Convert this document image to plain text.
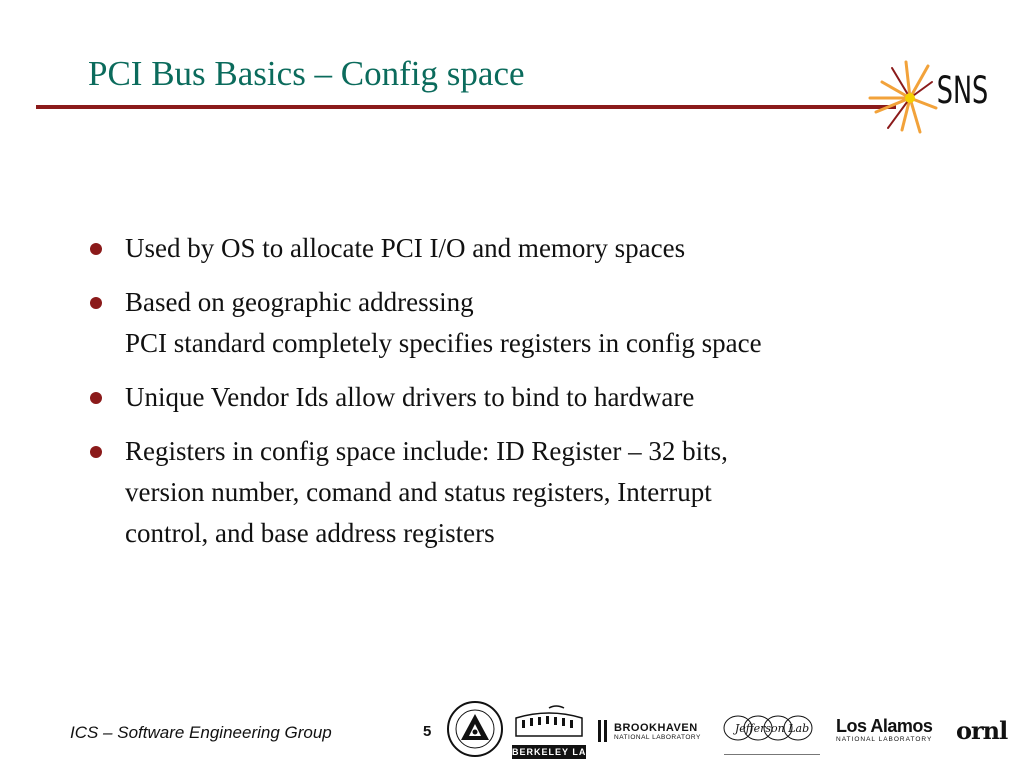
PCI Bus Basics – Config space	SNS
Used by OS to allocate PCI I/O and memory spaces
Based on geographic addressing
PCI standard completely specifies registers in config space
Unique Vendor Ids allow drivers to bind to hardware
Registers in config space include: ID Register – 32 bits,
version number, comand and status registers, Interrupt
control, and base address registers
ICS – Software Engineering Group	5
BERKELEY LAB
BROOKHAVEN
NATIONAL LABORATORY
Jefferson Lab Los Alamos
NATIONAL LABORATORY ornl
